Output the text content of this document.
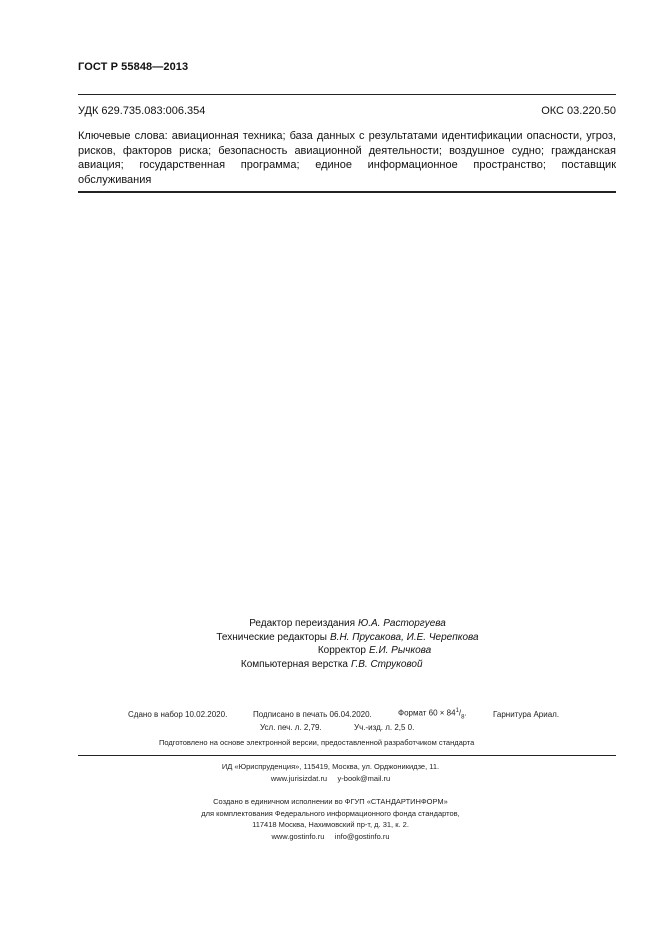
ГОСТ Р 55848—2013
УДК 629.735.083:006.354	ОКС 03.220.50
Ключевые слова: авиационная техника; база данных с результатами идентификации опасности, угроз, рисков, факторов риска; безопасность авиационной деятельности; воздушное судно; гражданская авиация; государственная программа; единое информационное пространство; поставщик обслуживания
Редактор переиздания Ю.А. Расторгуева
Технические редакторы В.Н. Прусакова, И.Е. Черепкова
Корректор Е.И. Рычкова
Компьютерная верстка Г.В. Струковой
Сдано в набор 10.02.2020.	Подписано в печать 06.04.2020.	Формат $60 \times 84^1/_8$.	Гарнитура Ариал.
Усл. печ. л. 2,79.	Уч.-изд. л. 2,5 0.
Подготовлено на основе электронной версии, предоставленной разработчиком стандарта
ИД «Юриспруденция», 115419, Москва, ул. Орджоникидзе, 11.
www.jurisizdat.ru     y-book@mail.ru
Создано в единичном исполнении во ФГУП «СТАНДАРТИНФОРМ»
для комплектования Федерального информационного фонда стандартов,
117418 Москва, Нахимовский пр-т, д. 31, к. 2.
www.gostinfo.ru     info@gostinfo.ru
